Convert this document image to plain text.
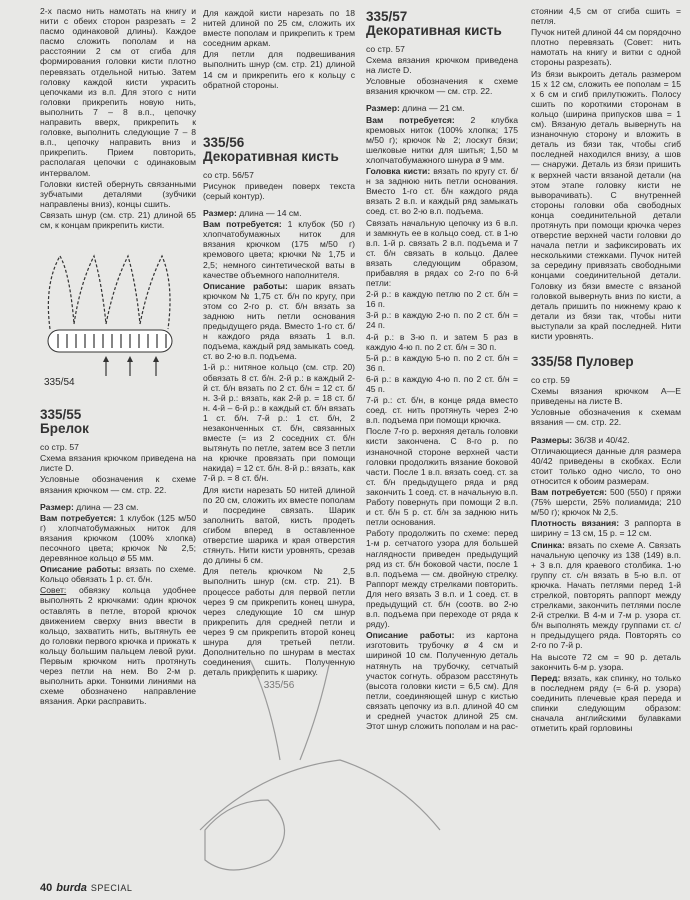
2-х пасмо нить намотать на книгу и нити с обеих сторон разрезать = 2 пасмо одинаковой длины). Каждое пасмо сложить пополам и на расстоянии 2 см от сгиба для формирования головки кисти плотно перевязать отдельной нитью. Затем головку каждой кисти украсить цепочками из в.п. Для этого с нити головки прикрепить новую нить, выполнить 7 – 8 в.п., цепочку направить вверх, прикрепить к головке, выполнить следующие 7 – 8 в.п., цепочку направить вниз и прикрепить. Прием повторить, располагая цепочки с одинаковым интервалом.

Головки кистей обернуть связанными зубчатыми деталями (зубчики направлены вниз), концы сшить.

Связать шнур (см. стр. 21) длиной 65 см, к концам прикрепить кисти.

335/54

335/55
Брелок

со стр. 57

Схема вязания крючком приведена на листе D.

Условные обозначения к схеме вязания крючком — см. стр. 22.

Размер: длина — 23 см.

Вам потребуется: 1 клубок (125 м/50 г) хлопчатобумажных ниток для вязания крючком (100% хлопка) песочного цвета; крючок № 2,5; деревянное кольцо ø 55 мм.

Описание работы: вязать по схеме. Кольцо обвязать 1 р. ст. б/н.

Совет: обвязку кольца удобнее выполнять 2 крючками: один крючок оставлять в петле, второй крючок движением сверху вниз ввести в кольцо, захватить нить, вытянуть ее до головки первого крючка и прижать к кольцу большим пальцем левой руки. Первым крючком нить протянуть через петли на нем. Во 2-м р. выполнить арки. Тонкими линиями на схеме обозначено направление вязания. Арки расправить.

Для каждой кисти нарезать по 18 нитей длиной по 25 см, сложить их вместе пополам и прикрепить к трем соседним аркам.

Для петли для подвешивания выполнить шнур (см. стр. 21) длиной 14 см и прикрепить его к кольцу с обратной стороны.

335/56
Декоративная кисть

со стр. 56/57

Рисунок приведен поверх текста (серый контур).

Размер: длина — 14 см.

Вам потребуется: 1 клубок (50 г) хлопчатобумажных ниток для вязания крючком (175 м/50 г) кремового цвета; крючки № 1,75 и 2,5; немного синтетической ваты в качестве объемного наполнителя.

Описание работы: шарик вязать крючком № 1,75 ст. б/н по кругу, при этом со 2-го р. ст. б/н вязать за заднюю нить петли основания предыдущего ряда. Вместо 1-го ст. б/н каждого ряда вязать 1 в.п. подъема, каждый ряд замыкать соед. ст. во 2-ю в.п. подъема.

1-й р.: нитяное кольцо (см. стр. 20) обвязать 8 ст. б/н. 2-й р.: в каждый 2-й ст. б/н вязать по 2 ст. б/н = 12 ст. б/н. 3-й р.: вязать, как 2-й р. = 18 ст. б/н. 4-й – 6-й р.: в каждый ст. б/н вязать 1 ст. б/н. 7-й р.: 1 ст. б/н, 2 незаконченных ст. б/н, связанных вместе (= из 2 соседних ст. б/н вытянуть по петле, затем все 3 петли на крючке провязать при помощи накида) = 12 ст. б/н. 8-й р.: вязать, как 7-й р. = 8 ст. б/н.

Для кисти нарезать 50 нитей длиной по 20 см, сложить их вместе пополам и посредине связать. Шарик заполнить ватой, кисть продеть сгибом вперед в оставленное отверстие шарика и края отверстия стянуть. Нити кисти уровнять, срезав до длины 6 см.

Для петель крючком № 2,5 выполнить шнур (см. стр. 21). В процессе работы для первой петли через 9 см прикрепить конец шнура, через следующие 10 см шнур прикрепить для средней петли и через 9 см прикрепить второй конец шнура для третьей петли. Дополнительно по шнурам в местах соединения сшить. Полученную деталь прикрепить к шарику.

335/56

335/57
Декоративная кисть

со стр. 57

Схема вязания крючком приведена на листе D.

Условные обозначения к схеме вязания крючком — см. стр. 22.

Размер: длина — 21 см.

Вам потребуется: 2 клубка кремовых ниток (100% хлопка; 175 м/50 г); крючок № 2; лоскут бязи; шелковые нитки для шитья; 1,50 м хлопчатобумажного шнура ø 9 мм.

Головка кисти: вязать по кругу ст. б/н за заднюю нить петли основания. Вместо 1-го ст. б/н каждого ряда вязать 2 в.п. и каждый ряд замыкать соед. ст. во 2-ю в.п. подъема.

Связать начальную цепочку из 6 в.п. и замкнуть ее в кольцо соед. ст. в 1-ю в.п. 1-й р. связать 2 в.п. подъема и 7 ст. б/н связать в кольцо. Далее вязать следующим образом, прибавляя в рядах со 2-го по 6-й петли:

2-й р.: в каждую петлю по 2 ст. б/н = 16 п.

3-й р.: в каждую 2-ю п. по 2 ст. б/н = 24 п.

4-й р.: в 3-ю п. и затем 5 раз в каждую 4-ю п. по 2 ст. б/н = 30 п.

5-й р.: в каждую 5-ю п. по 2 ст. б/н = 36 п.

6-й р.: в каждую 4-ю п. по 2 ст. б/н = 45 п.

7-й р.: ст. б/н, в конце ряда вместо соед. ст. нить протянуть через 2-ю в.п. подъема при помощи крючка.

После 7-го р. верхняя деталь головки кисти закончена. С 8-го р. по изнаночной стороне верхней части головки продолжить вязание боковой части. После 1 в.п. вязать соед. ст. за ст. б/н предыдущего ряда и ряд закончить 1 соед. ст. в начальную в.п. Работу повернуть при помощи 2 в.п. и ст. б/н 5 р. ст. б/н за заднюю нить петли основания.

Работу продолжить по схеме: перед 1-м р. сетчатого узора для большей наглядности приведен предыдущий ряд из ст. б/н боковой части, после 1 в.п. подъема — см. двойную стрелку. Раппорт между стрелками повторить. Для него вязать 3 в.п. и 1 соед. ст. в предыдущий ст. б/н (соотв. во 2-ю в.п. подъема при переходе от ряда к ряду).

Описание работы: из картона изготовить трубочку ø 4 см и шириной 10 см. Полученную деталь натянуть на трубочку, сетчатый участок согнуть. образом расстянуть (высота головки кисти = 6,5 см). Для петли, соединяющей шнур с кистью связать цепочку из в.п. длиной 40 см и средней участок длиной 25 см. Этот шнур сложить пополам и на рас-

стоянии 4,5 см от сгиба сшить = петля.

Пучок нитей длиной 44 см порядочно плотно перевязать (Совет: нить намотать на книгу и витки с одной стороны разрезать).

Из бязи выкроить деталь размером 15 х 12 см, сложить ее пополам = 15 х 6 см и сгиб прилутюжить. Полосу сшить по короткими сторонам в кольцо (ширина припусков шва = 1 см). Вязаную деталь вывернуть на изнаночную сторону и вложить в деталь из бязи так, чтобы сгиб последней находился внизу, а шов — снаружи. Деталь из бязи пришить к верхней части вязаной детали (на этом этапе головку кисти не выворачивать). С внутренней стороны головки оба свободных конца соединительной детали протянуть при помощи крючка через отверстие верхней части головки до начала петли и зафиксировать их несколькими стежками. Пучок нитей за середину привязать свободными концами соединительной детали. Головку из бязи вместе с вязаной головкой вывернуть вниз по кисти, а деталь пришить по нижнему краю к детали из бязи так, чтобы нити выступали за край последней. Нити кисти уровнять.

335/58 Пуловер

со стр. 59

Схемы вязания крючком А—Е приведены на листе В.

Условные обозначения к схемам вязания — см. стр. 22.

Размеры: 36/38 и 40/42.

Отличающиеся данные для размера 40/42 приведены в скобках. Если стоит только одно число, то оно относится к обоим размерам.

Вам потребуется: 500 (550) г пряжи (75% шерсти, 25% полиамида; 210 м/50 г); крючок № 2,5.

Плотность вязания: 3 раппорта в ширину = 13 см, 15 р. = 12 см.

Спинка: вязать по схеме А. Связать начальную цепочку из 138 (149) в.п. + 3 в.п. для краевого столбика. 1-ю группу ст. с/н вязать в 5-ю в.п. от крючка. Начать петлями перед 1-й стрелкой, повторять раппорт между стрелками, закончить петлями после 2-й стрелки. В 4-м и 7-м р. узора ст. б/н выполнять между группами ст. с/н предыдущего ряда. Повторять со 2-го по 7-й р.

На высоте 72 см = 90 р. деталь закончить 6-м р. узора.

Перед: вязать, как спинку, но только в последнем ряду (= 6-й р. узора) соединить плечевые края переда и спинки следующим образом: сначала английскими булавками отметить край горловины

40 burda SPECIAL
